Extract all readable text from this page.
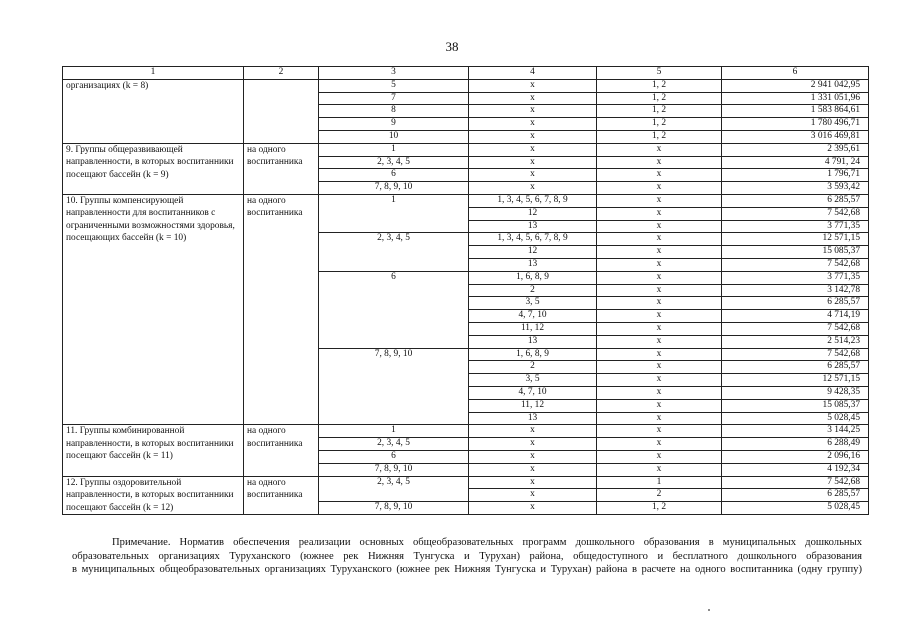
38
1	2	3	4	5	6
организациях (k = 8)		5	x	1, 2	2 941 042,95
		7	x	1, 2	1 331 051,96
		8	x	1, 2	1 583 864,61
		9	x	1, 2	1 780 496,71
		10	x	1, 2	3 016 469,81
9. Группы общеразвивающей направленности, в которых воспитанники посещают бассейн (k = 9)	на одного воспитанника	1	x	x	2 395,61
		2, 3, 4, 5	x	x	4 791, 24
		6	x	x	1 796,71
		7, 8, 9, 10	x	x	3 593,42
10. Группы компенсирующей направленности для воспитанников с ограниченными возможностями здоровья, посещающих бассейн (k = 10)	на одного воспитанника	1	1, 3, 4, 5, 6, 7, 8, 9	x	6 285,57
			12	x	7 542,68
			13	x	3 771,35
		2, 3, 4, 5	1, 3, 4, 5, 6, 7, 8, 9	x	12 571,15
			12	x	15 085,37
			13	x	7 542,68
		6	1, 6, 8, 9	x	3 771,35
			2	x	3 142,78
			3, 5	x	6 285,57
			4, 7, 10	x	4 714,19
			11, 12	x	7 542,68
			13	x	2 514,23
		7, 8, 9, 10	1, 6, 8, 9	x	7 542,68
			2	x	6 285,57
			3, 5	x	12 571,15
			4, 7, 10	x	9 428,35
			11, 12	x	15 085,37
			13	x	5 028,45
11. Группы комбинированной направленности, в которых воспитанники посещают бассейн (k = 11)	на одного воспитанника	1	x	x	3 144,25
		2, 3, 4, 5	x	x	6 288,49
		6	x	x	2 096,16
		7, 8, 9, 10	x	x	4 192,34
12. Группы оздоровительной направленности, в которых воспитанники посещают бассейн (k = 12)	на одного воспитанника	2, 3, 4, 5	x	1	7 542,68
			x	2	6 285,57
		7, 8, 9, 10	x	1, 2	5 028,45
Примечание. Норматив обеспечения реализации основных общеобразовательных программ дошкольного образования в муниципальных дошкольных
образовательных организациях Туруханского (южнее рек Нижняя Тунгуска и Турухан) района, общедоступного и бесплатного дошкольного образования
в муниципальных общеобразовательных организациях Туруханского (южнее рек Нижняя Тунгуска и Турухан) района в расчете на одного воспитанника (одну группу)
